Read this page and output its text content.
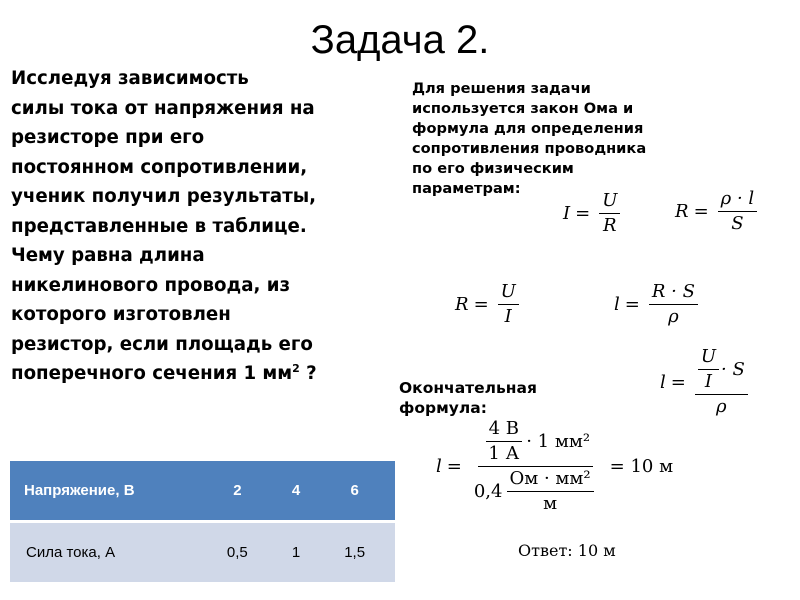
Задача 2.
Исследуя зависимость
силы тока от напряжения на
резисторе при его
постоянном сопротивлении,
ученик получил результаты,
представленные в таблице.
Чему равна длина
никелинового провода, из
которого изготовлен
резистор, если площадь его
поперечного сечения 1 $мм^2$ ?
Для решения задачи
используется закон Ома и
формула для определения
сопротивления проводника
по его физическим
параметрам:
$I = \frac{U}{R}$	$R = \frac{\rho \cdot l}{S}$
$R = \frac{U}{I}$	$l = \frac{R \cdot S}{\rho}$
$l = \frac{\frac{U}{I} \cdot S}{\rho}$
Окончательная
формула:
$l = \frac{\frac{4 В}{1 А} \cdot 1 мм^2}{0,4 \frac{\text{Ом · мм²}}{м}} = 10$ м
Ответ: 10 м
Напряжение, В	2	4	6
Сила тока, А	0,5	1	1,5
